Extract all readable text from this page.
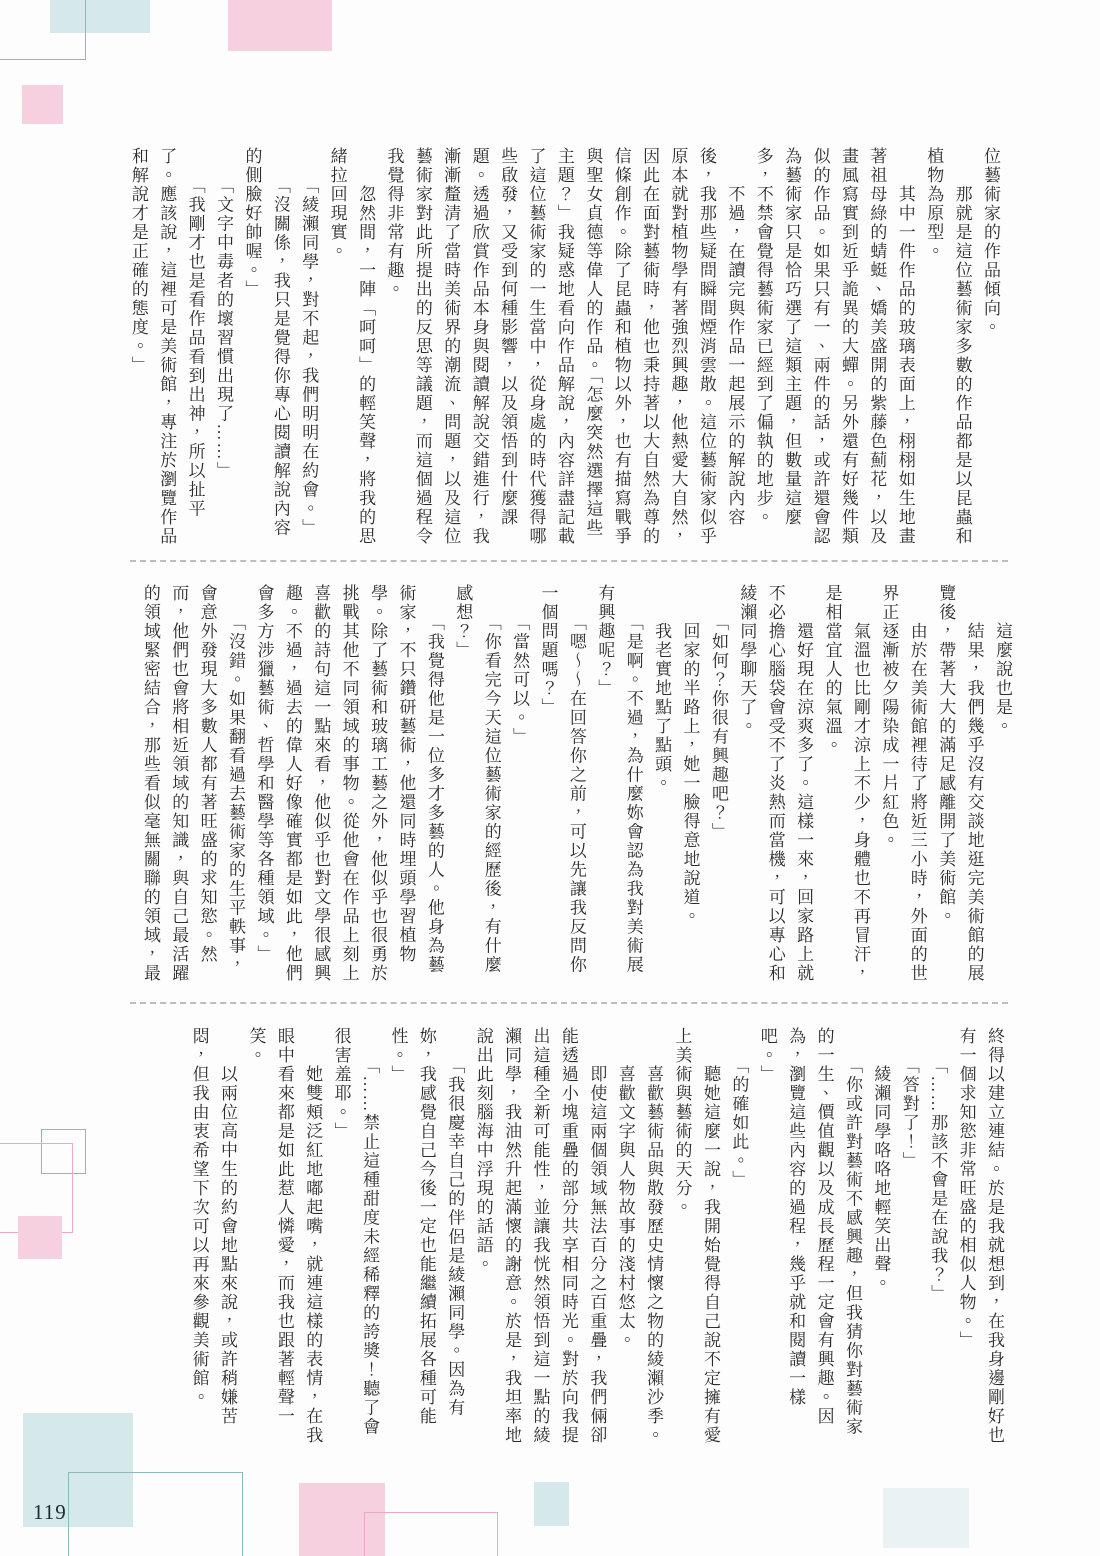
位藝術家的作品傾向。

　　那就是這位藝術家多數的作品都是以昆蟲和植物為原型。

　　其中一件作品的玻璃表面上，栩栩如生地畫著祖母綠的蜻蜓、嬌美盛開的紫藤色薊花，以及畫風寫實到近乎詭異的大蟬。另外還有好幾件類似的作品。如果只有一、兩件的話，或許還會認為藝術家只是恰巧選了這類主題，但數量這麼多，不禁會覺得藝術家已經到了偏執的地步。

　　不過，在讀完與作品一起展示的解說內容後，我那些疑問瞬間煙消雲散。這位藝術家似乎原本就對植物學有著強烈興趣，他熱愛大自然，因此在面對藝術時，他也秉持著以大自然為尊的信條創作。除了昆蟲和植物以外，也有描寫戰爭與聖女貞德等偉人的作品。「怎麼突然選擇這些主題？」我疑惑地看向作品解說，內容詳盡記載了這位藝術家的一生當中，從身處的時代獲得哪些啟發，又受到何種影響，以及領悟到什麼課題。透過欣賞作品本身與閱讀解說交錯進行，我漸漸釐清了當時美術界的潮流、問題，以及這位藝術家對此所提出的反思等議題，而這個過程令我覺得非常有趣。

　　忽然間，一陣「呵呵」的輕笑聲，將我的思緒拉回現實。

　　「綾瀨同學，對不起，我們明明在約會。」

　　「沒關係，我只是覺得你專心閱讀解說內容的側臉好帥喔。」

　　「文字中毒者的壞習慣出現了……」

　　「我剛才也是看作品看到出神，所以扯平了。應該說，這裡可是美術館，專注於瀏覽作品和解說才是正確的態度。」

　　這麼說也是。

　　結果，我們幾乎沒有交談地逛完美術館的展覽後，帶著大大的滿足感離開了美術館。

　　由於在美術館裡待了將近三小時，外面的世界正逐漸被夕陽染成一片紅色。

　　氣溫也比剛才涼上不少，身體也不再冒汗，是相當宜人的氣溫。

　　還好現在涼爽多了。這樣一來，回家路上就不必擔心腦袋會受不了炎熱而當機，可以專心和綾瀨同學聊天了。

　　「如何？你很有興趣吧？」

　　回家的半路上，她一臉得意地說道。

　　我老實地點了點頭。

　　「是啊。不過，為什麼妳會認為我對美術展有興趣呢？」

　　「嗯～～在回答你之前，可以先讓我反問你一個問題嗎？」

　　「當然可以。」

　　「你看完今天這位藝術家的經歷後，有什麼感想？」

　　「我覺得他是一位多才多藝的人。他身為藝術家，不只鑽研藝術，他還同時埋頭學習植物學。除了藝術和玻璃工藝之外，他似乎也很勇於挑戰其他不同領域的事物。從他會在作品上刻上喜歡的詩句這一點來看，他似乎也對文學很感興趣。不過，過去的偉人好像確實都是如此，他們會多方涉獵藝術、哲學和醫學等各種領域。」

　　「沒錯。如果翻看過去藝術家的生平軼事，會意外發現大多數人都有著旺盛的求知慾。然而，他們也會將相近領域的知識，與自己最活躍的領域緊密結合，那些看似毫無關聯的領域，最

終得以建立連結。於是我就想到，在我身邊剛好也有一個求知慾非常旺盛的相似人物。」

　　「……那該不會是在說我？」

　　「答對了！」

　　綾瀨同學咯咯地輕笑出聲。

　　「你或許對藝術不感興趣，但我猜你對藝術家的一生、價值觀以及成長歷程一定會有興趣。因為，瀏覽這些內容的過程，幾乎就和閱讀一樣吧。」

　　「的確如此。」

　　聽她這麼一說，我開始覺得自己說不定擁有愛上美術與藝術的天分。

　　喜歡藝術品與散發歷史情懷之物的綾瀨沙季。

　　喜歡文字與人物故事的淺村悠太。

　　即使這兩個領域無法百分之百重疊，我們倆卻能透過小塊重疊的部分共享相同時光。對於向我提出這種全新可能性，並讓我恍然領悟到這一點的綾瀨同學，我油然升起滿懷的謝意。於是，我坦率地說出此刻腦海中浮現的話語。

　　「我很慶幸自己的伴侶是綾瀨同學。因為有妳，我感覺自己今後一定也能繼續拓展各種可能性。」

　　「……禁止這種甜度未經稀釋的誇獎！聽了會很害羞耶。」

　　她雙頰泛紅地嘟起嘴，就連這樣的表情，在我眼中看來都是如此惹人憐愛，而我也跟著輕聲一笑。

　　以兩位高中生的約會地點來說，或許稍嫌苦悶，但我由衷希望下次可以再來參觀美術館。

119
